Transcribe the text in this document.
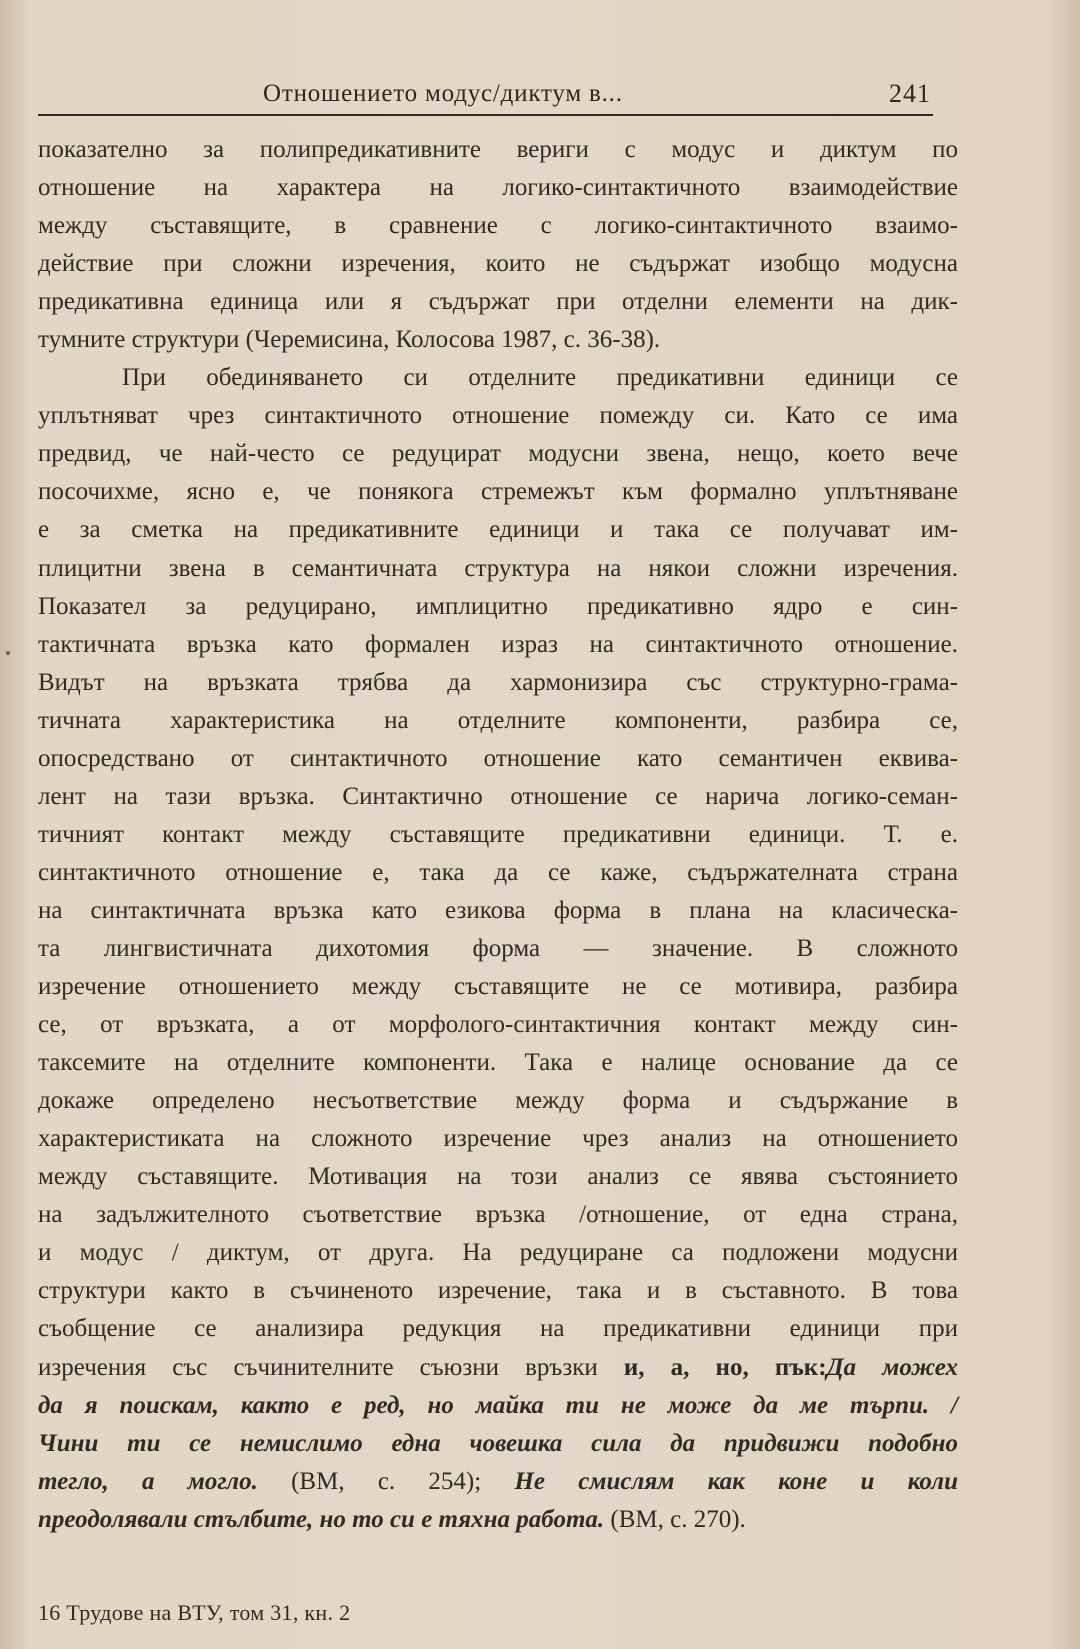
Отношението модус/диктум в...	241
показателно за полипредикативните вериги с модус и диктум по
отношение на характера на логико-синтактичното взаимодействие
между съставящите, в сравнение с логико-синтактичното взаимо-
действие при сложни изречения, които не съдържат изобщо модусна
предикативна единица или я съдържат при отделни елементи на дик-
тумните структури (Черемисина, Колосова 1987, с. 36-38).
При обединяването си отделните предикативни единици се
уплътняват чрез синтактичното отношение помежду си. Като се има
предвид, че най-често се редуцират модусни звена, нещо, което вече
посочихме, ясно е, че понякога стремежът към формално уплътняване
е за сметка на предикативните единици и така се получават им-
плицитни звена в семантичната структура на някои сложни изречения.
Показател за редуцирано, имплицитно предикативно ядро е син-
тактичната връзка като формален израз на синтактичното отношение.
Видът на връзката трябва да хармонизира със структурно-грама-
тичната характеристика на отделните компоненти, разбира се,
опосредствано от синтактичното отношение като семантичен еквива-
лент на тази връзка. Синтактично отношение се нарича логико-семан-
тичният контакт между съставящите предикативни единици. Т. е.
синтактичното отношение е, така да се каже, съдържателната страна
на синтактичната връзка като езикова форма в плана на класическа-
та лингвистичната дихотомия форма — значение. В сложното
изречение отношението между съставящите не се мотивира, разбира
се, от връзката, а от морфолого-синтактичния контакт между син-
таксемите на отделните компоненти. Така е налице основание да се
докаже определено несъответствие между форма и съдържание в
характеристиката на сложното изречение чрез анализ на отношението
между съставящите. Мотивация на този анализ се явява състоянието
на задължителното съответствие връзка /отношение, от една страна,
и модус / диктум, от друга. На редуциране са подложени модусни
структури както в съчиненото изречение, така и в съставното. В това
съобщение се анализира редукция на предикативни единици при
изречения със съчинителните съюзни връзки и, а, но, пък:Да можех
да я поискам, както е ред, но майка ти не може да ме търпи. /
Чини ти се немислимо една човешка сила да придвижи подобно
тегло, а могло. (ВМ, с. 254); Не смислям как коне и коли
преодолявали стълбите, но то си е тяхна работа. (ВМ, с. 270).
16 Трудове на ВТУ, том 31, кн. 2
